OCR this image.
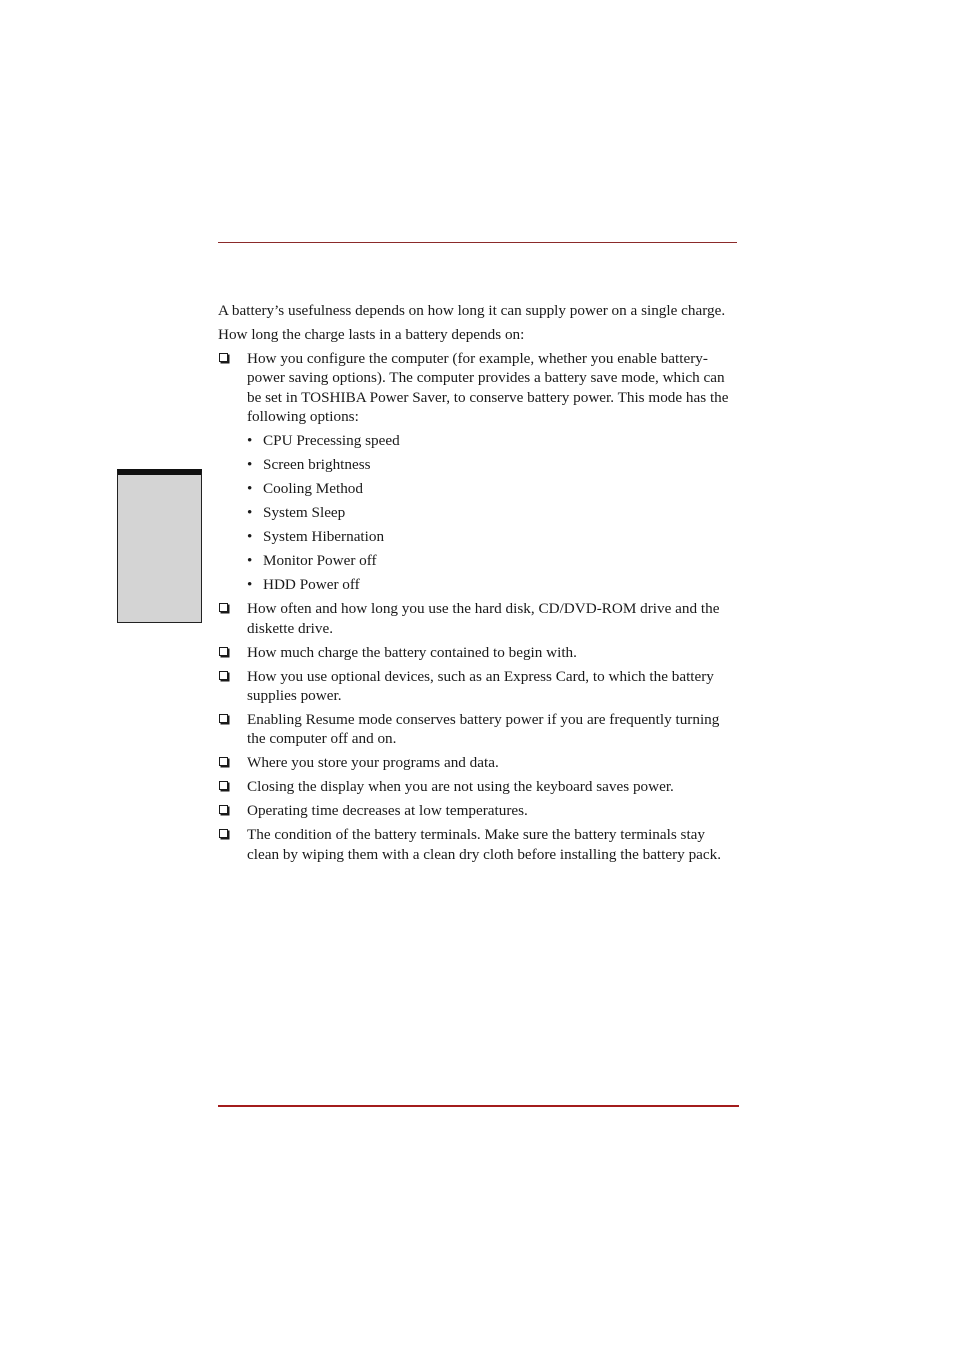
A battery’s usefulness depends on how long it can supply power on a single charge.

How long the charge lasts in a battery depends on:

How you configure the computer (for example, whether you enable battery-power saving options). The computer provides a battery save mode, which can be set in TOSHIBA Power Saver, to conserve battery power. This mode has the following options:
• CPU Precessing speed
• Screen brightness
• Cooling Method
• System Sleep
• System Hibernation
• Monitor Power off
• HDD Power off
How often and how long you use the hard disk, CD/DVD-ROM drive and the diskette drive.
How much charge the battery contained to begin with.
How you use optional devices, such as an Express Card, to which the battery supplies power.
Enabling Resume mode conserves battery power if you are frequently turning the computer off and on.
Where you store your programs and data.
Closing the display when you are not using the keyboard saves power.
Operating time decreases at low temperatures.
The condition of the battery terminals. Make sure the battery terminals stay clean by wiping them with a clean dry cloth before installing the battery pack.
